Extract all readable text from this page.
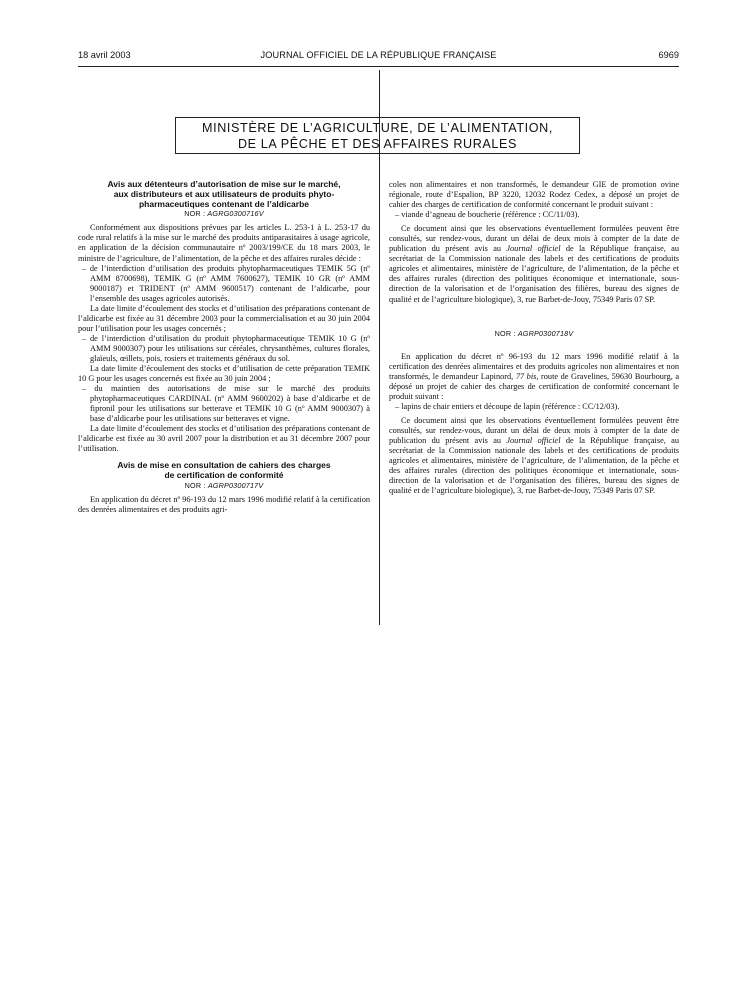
18 avril 2003	JOURNAL OFFICIEL DE LA RÉPUBLIQUE FRANÇAISE	6969
MINISTÈRE DE L’AGRICULTURE, DE L’ALIMENTATION,
DE LA PÊCHE ET DES AFFAIRES RURALES
Avis aux détenteurs d’autorisation de mise sur le marché,
aux distributeurs et aux utilisateurs de produits phyto-
pharmaceutiques contenant de l’aldicarbe
NOR : AGRG0300716V

Conformément aux dispositions prévues par les articles L. 253-1 à L. 253-17 du code rural relatifs à la mise sur le marché des produits antiparasitaires à usage agricole, en application de la décision communautaire nº 2003/199/CE du 18 mars 2003, le ministre de l’agriculture, de l’alimentation, de la pêche et des affaires rurales décide :

– de l’interdiction d’utilisation des produits phytopharmaceutiques TEMIK 5G (nº AMM 8700698), TEMIK G (nº AMM 7600627), TEMIK 10 GR (nº AMM 9000187) et TRIDENT (nº AMM 9600517) contenant de l’aldicarbe, pour l’ensemble des usages agricoles autorisés.

La date limite d’écoulement des stocks et d’utilisation des préparations contenant de l’aldicarbe est fixée au 31 décembre 2003 pour la commercialisation et au 30 juin 2004 pour l’utilisation pour les usages concernés ;

– de l’interdiction d’utilisation du produit phytopharmaceutique TEMIK 10 G (nº AMM 9000307) pour les utilisations sur céréales, chrysanthèmes, cultures florales, glaïeuls, œillets, pois, rosiers et traitements généraux du sol.

La date limite d’écoulement des stocks et d’utilisation de cette préparation TEMIK 10 G pour les usages concernés est fixée au 30 juin 2004 ;

– du maintien des autorisations de mise sur le marché des produits phytopharmaceutiques CARDINAL (nº AMM 9600202) à base d’aldicarbe et de fipronil pour les utilisations sur betterave et TEMIK 10 G (nº AMM 9000307) à base d’aldicarbe pour les utilisations sur betteraves et vigne.

La date limite d’écoulement des stocks et d’utilisation des préparations contenant de l’aldicarbe est fixée au 30 avril 2007 pour la distribution et au 31 décembre 2007 pour l’utilisation.

Avis de mise en consultation de cahiers des charges
de certification de conformité
NOR : AGRP0300717V

En application du décret nº 96-193 du 12 mars 1996 modifié relatif à la certification des denrées alimentaires et des produits agri-

coles non alimentaires et non transformés, le demandeur GIE de promotion ovine régionale, route d’Espalion, BP 3220, 12032 Rodez Cedex, a déposé un projet de cahier des charges de certification de conformité concernant le produit suivant :

– viande d’agneau de boucherie (référence : CC/11/03).

Ce document ainsi que les observations éventuellement formulées peuvent être consultés, sur rendez-vous, durant un délai de deux mois à compter de la date de publication du présent avis au Journal officiel de la République française, au secrétariat de la Commission nationale des labels et des certifications de produits agricoles et alimentaires, ministère de l’agriculture, de l’alimentation, de la pêche et des affaires rurales (direction des politiques économique et internationale, sous-direction de la valorisation et de l’organisation des filières, bureau des signes de qualité et de l’agriculture biologique), 3, rue Barbet-de-Jouy, 75349 Paris 07 SP.

NOR : AGRP0300718V

En application du décret nº 96-193 du 12 mars 1996 modifié relatif à la certification des denrées alimentaires et des produits agricoles non alimentaires et non transformés, le demandeur Lapinord, 77 bis, route de Gravelines, 59630 Bourbourg, a déposé un projet de cahier des charges de certification de conformité concernant le produit suivant :

– lapins de chair entiers et découpe de lapin (référence : CC/12/03).

Ce document ainsi que les observations éventuellement formulées peuvent être consultés, sur rendez-vous, durant un délai de deux mois à compter de la date de publication du présent avis au Journal officiel de la République française, au secrétariat de la Commission nationale des labels et des certifications de produits agricoles et alimentaires, ministère de l’agriculture, de l’alimentation, de la pêche et des affaires rurales (direction des politiques économique et internationale, sous-direction de la valorisation et de l’organisation des filières, bureau des signes de qualité et de l’agriculture biologique), 3, rue Barbet-de-Jouy, 75349 Paris 07 SP.
